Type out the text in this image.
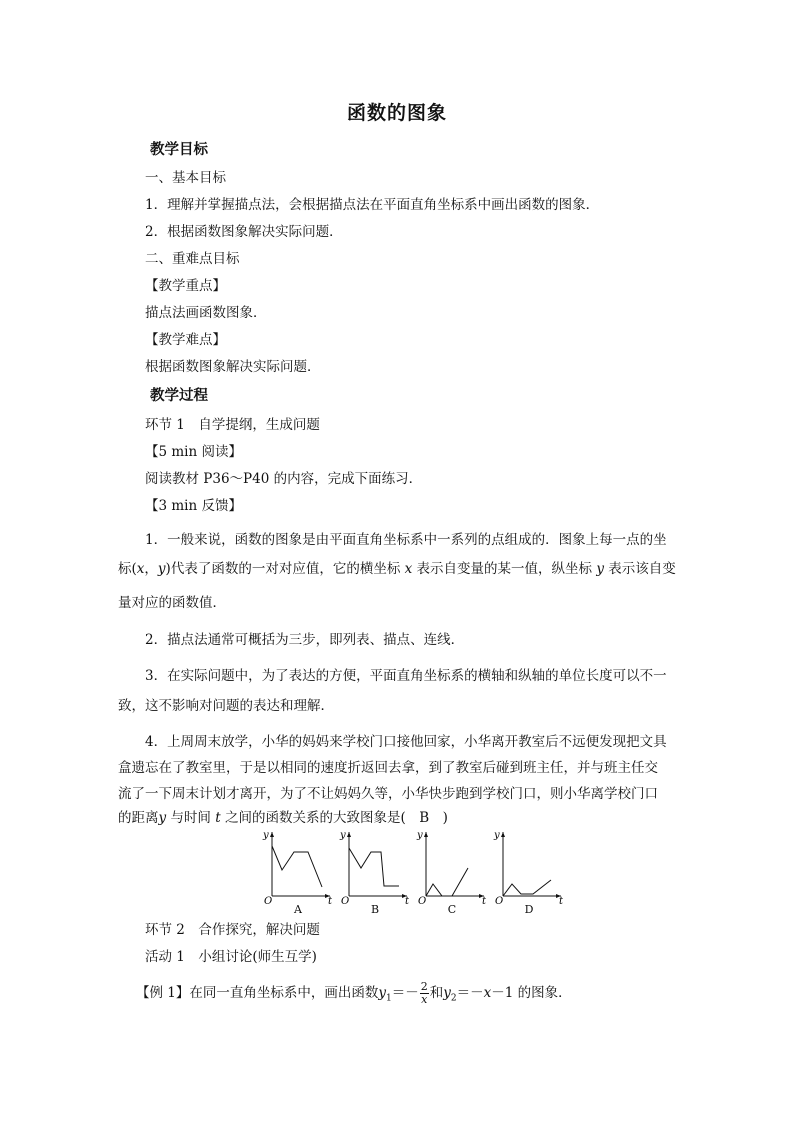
函数的图象
教学目标
一、基本目标
1．理解并掌握描点法，会根据描点法在平面直角坐标系中画出函数的图象．
2．根据函数图象解决实际问题．
二、重难点目标
【教学重点】
描点法画函数图象．
【教学难点】
根据函数图象解决实际问题．
教学过程
环节 1　自学提纲，生成问题
【5 min 阅读】
阅读教材 P36～P40 的内容，完成下面练习．
【3 min 反馈】
1．一般来说，函数的图象是由平面直角坐标系中一系列的点组成的．图象上每一点的坐
标(x，y)代表了函数的一对对应值，它的横坐标 x 表示自变量的某一值，纵坐标 y 表示该自变
量对应的函数值．
2．描点法通常可概括为三步，即列表、描点、连线．
3．在实际问题中，为了表达的方便，平面直角坐标系的横轴和纵轴的单位长度可以不一
致，这不影响对问题的表达和理解．
4．上周周末放学，小华的妈妈来学校门口接他回家，小华离开教室后不远便发现把文具
盒遗忘在了教室里，于是以相同的速度折返回去拿，到了教室后碰到班主任，并与班主任交
流了一下周末计划才离开，为了不让妈妈久等，小华快步跑到学校门口，则小华离学校门口
的距离y 与时间 t 之间的函数关系的大致图象是(　B　)
y
t
O
A
y
t
O
B
y
t
O
C
y
t
O
D
环节 2　合作探究，解决问题
活动 1　小组讨论(师生互学)
【例 1】在同一直角坐标系中，画出函数$y_1=- \frac{2}{x}$ 和$y_2=-x-1$ 的图象．
